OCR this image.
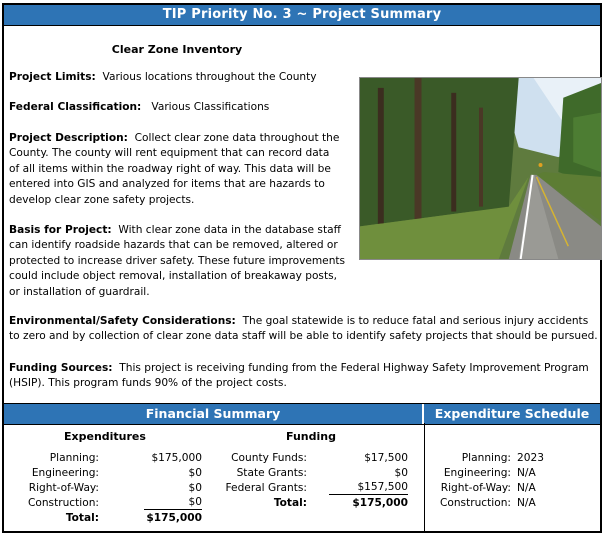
TIP Priority No. 3 ~ Project Summary
Clear Zone Inventory

Project Limits: Various locations throughout the County

Federal Classification: Various Classifications

Project Description: Collect clear zone data throughout the
County. The county will rent equipment that can record data
of all items within the roadway right of way. This data will be
entered into GIS and analyzed for items that are hazards to
develop clear zone safety projects.
Basis for Project: With clear zone data in the database staff
can identify roadside hazards that can be removed, altered or
protected to increase driver safety. These future improvements
could include object removal, installation of breakaway posts,
or installation of guardrail.
Environmental/Safety Considerations: The goal statewide is to reduce fatal and serious injury accidents
to zero and by collection of clear zone data staff will be able to identify safety projects that should be pursued.
Funding Sources: This project is receiving funding from the Federal Highway Safety Improvement Program
(HSIP). This program funds 90% of the project costs.
Financial Summary	Expenditure Schedule
Expenditures
Planning:	$175,000
Engineering:	$0
Right-of-Way:	$0
Construction:	$0
Total:	$175,000
Funding
County Funds:	$17,500
State Grants:	$0
Federal Grants:	$157,500
Total:	$175,000
Planning: 2023
Engineering: N/A
Right-of-Way: N/A
Construction: N/A
